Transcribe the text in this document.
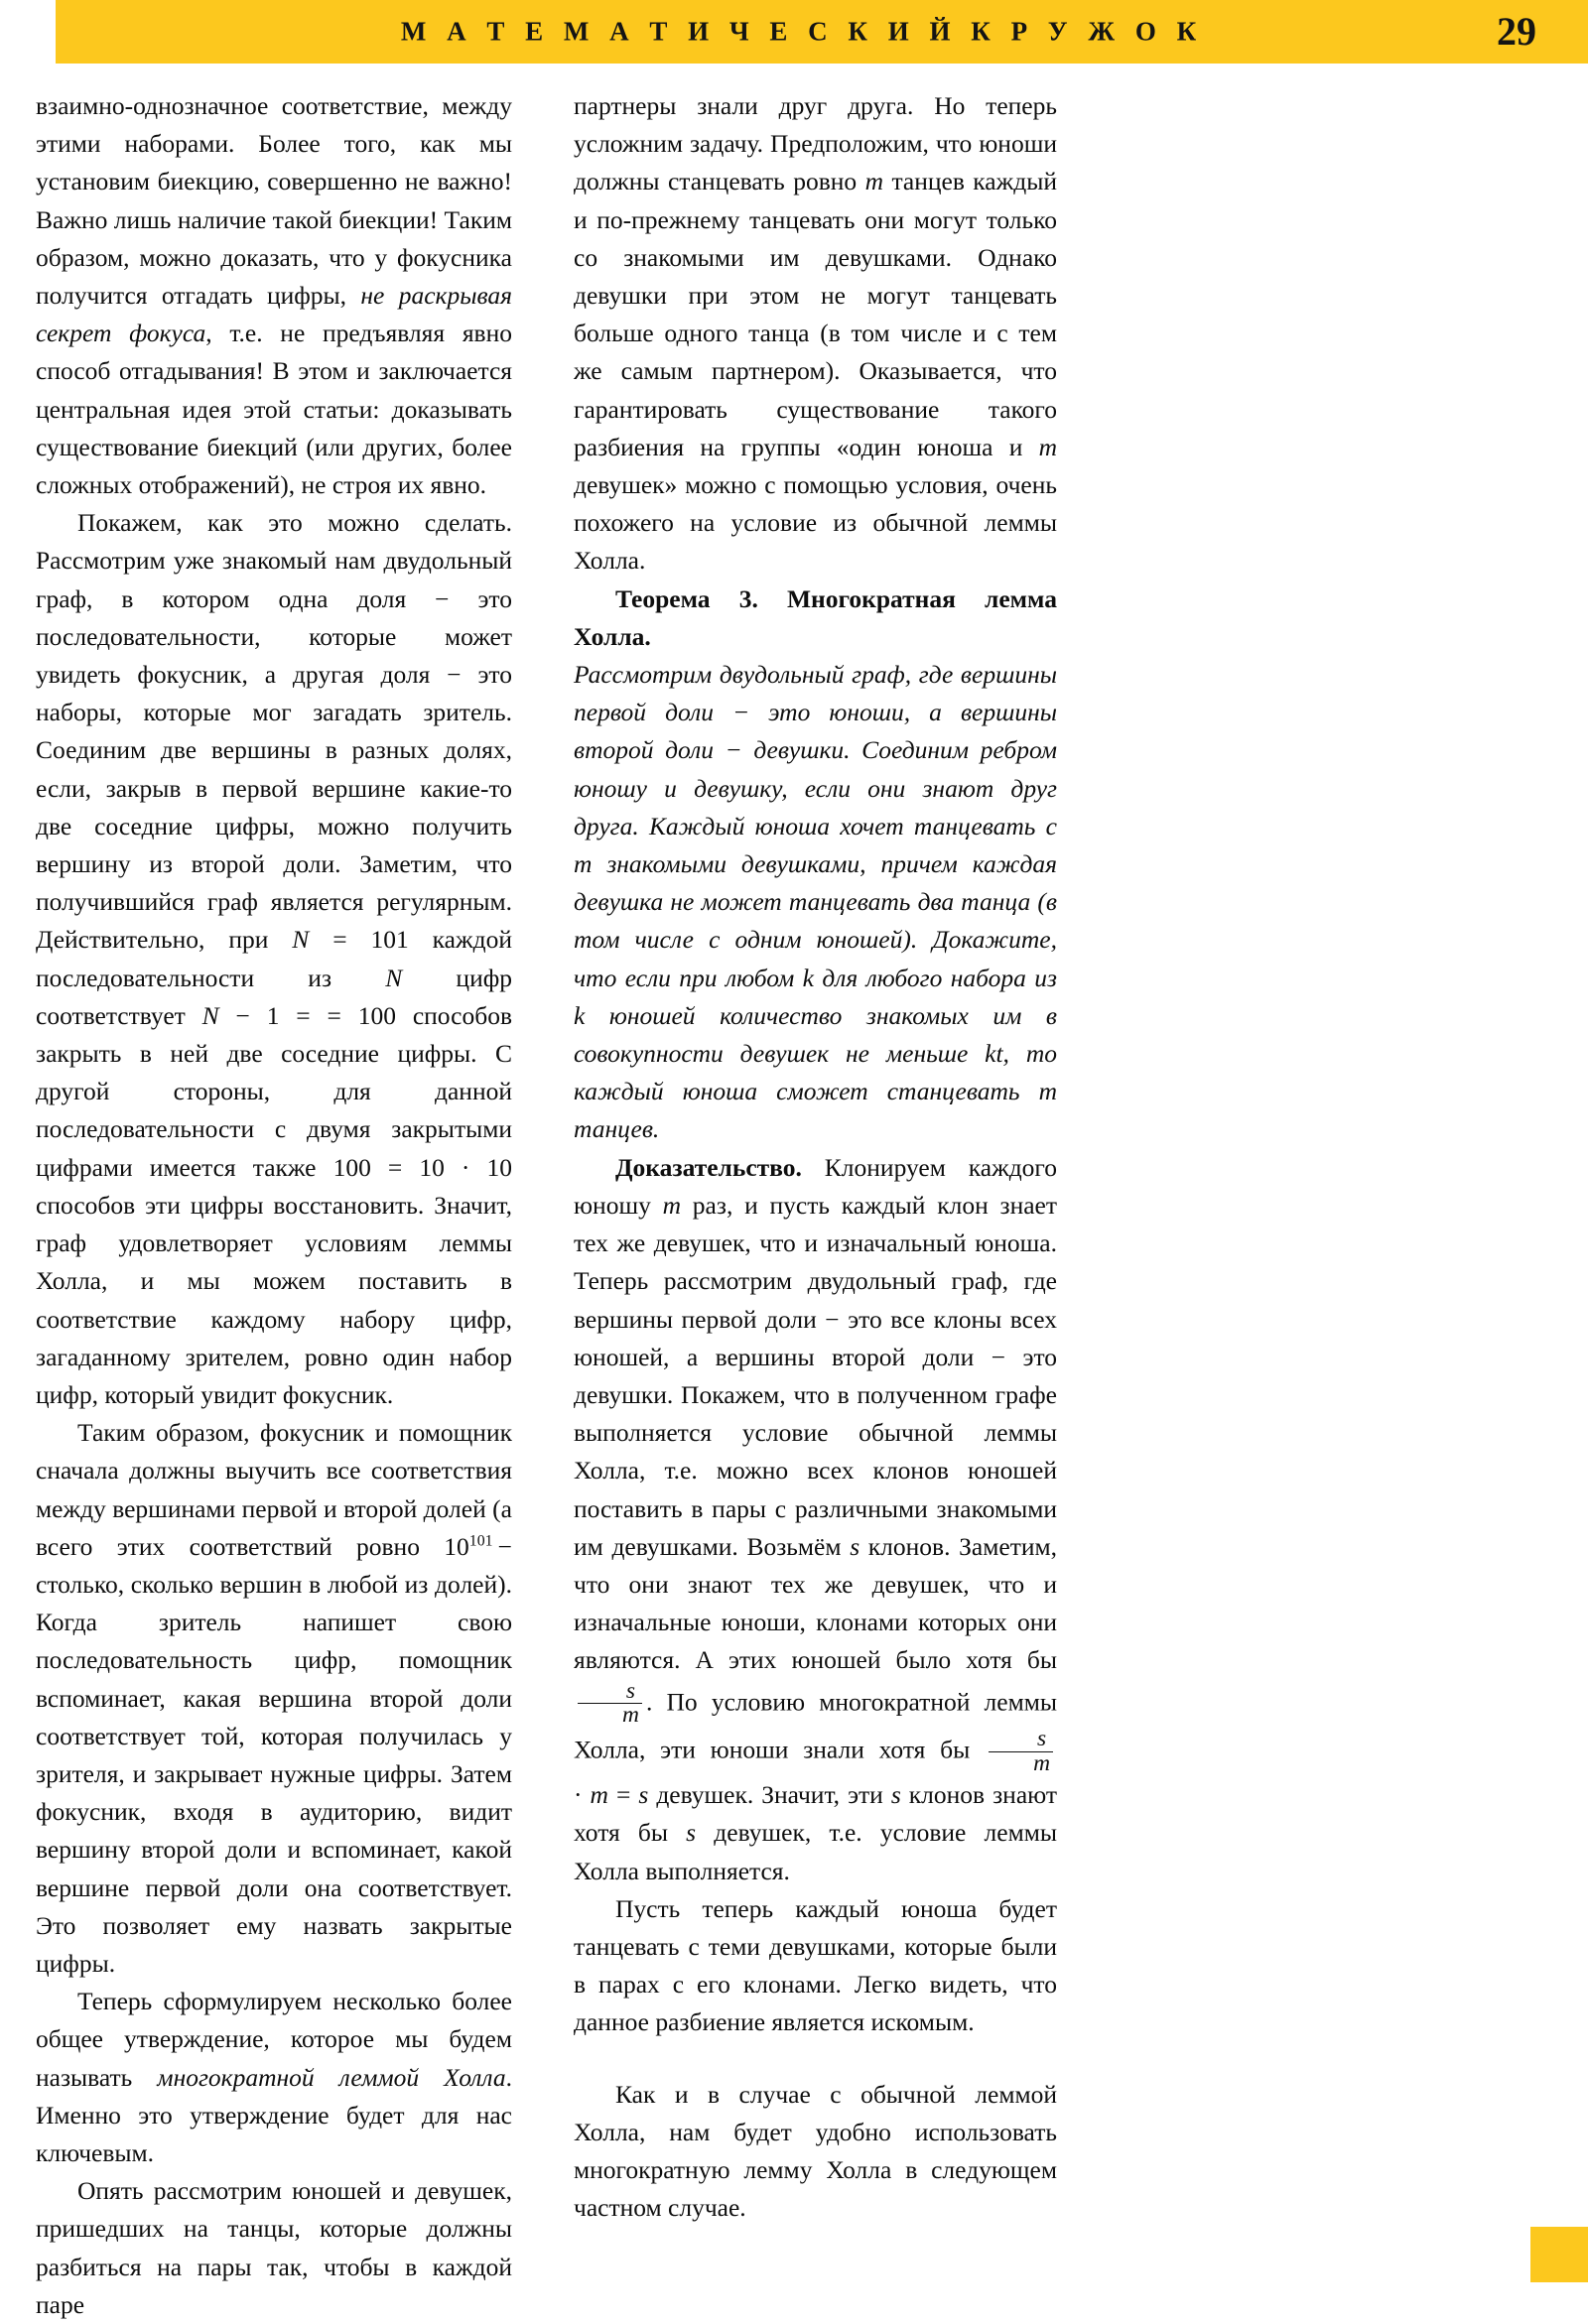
М А Т Е М А Т И Ч Е С К И Й К Р У Ж О К	29

взаимно-однозначное соответствие, между этими наборами. Более того, как мы установим биекцию, совершенно не важно! Важно лишь наличие такой биекции! Таким образом, можно доказать, что у фокусника получится отгадать цифры, не раскрывая секрет фокуса, т.е. не предъявляя явно способ отгадывания! В этом и заключается центральная идея этой статьи: доказывать существование биекций (или других, более сложных отображений), не строя их явно.

Покажем, как это можно сделать. Рассмотрим уже знакомый нам двудольный граф, в котором одна доля − это последовательности, которые может увидеть фокусник, а другая доля − это наборы, которые мог загадать зритель. Соединим две вершины в разных долях, если, закрыв в первой вершине какие-то две соседние цифры, можно получить вершину из второй доли. Заметим, что получившийся граф является регулярным. Действительно, при N = 101 каждой последовательности из N цифр соответствует N − 1 = = 100 способов закрыть в ней две соседние цифры. С другой стороны, для данной последовательности с двумя закрытыми цифрами имеется также 100 = 10 · 10 способов эти цифры восстановить. Значит, граф удовлетворяет условиям леммы Холла, и мы можем поставить в соответствие каждому набору цифр, загаданному зрителем, ровно один набор цифр, который увидит фокусник.

Таким образом, фокусник и помощник сначала должны выучить все соответствия между вершинами первой и второй долей (а всего этих соответствий ровно $10^{101}$ − столько, сколько вершин в любой из долей). Когда зритель напишет свою последовательность цифр, помощник вспоминает, какая вершина второй доли соответствует той, которая получилась у зрителя, и закрывает нужные цифры. Затем фокусник, входя в аудиторию, видит вершину второй доли и вспоминает, какой вершине первой доли она соответствует. Это позволяет ему назвать закрытые цифры.

Теперь сформулируем несколько более общее утверждение, которое мы будем называть многократной леммой Холла. Именно это утверждение будет для нас ключевым.

Опять рассмотрим юношей и девушек, пришедших на танцы, которые должны разбиться на пары так, чтобы в каждой паре

партнеры знали друг друга. Но теперь усложним задачу. Предположим, что юноши должны станцевать ровно m танцев каждый и по-прежнему танцевать они могут только со знакомыми им девушками. Однако девушки при этом не могут танцевать больше одного танца (в том числе и с тем же самым партнером). Оказывается, что гарантировать существование такого разбиения на группы «один юноша и m девушек» можно с помощью условия, очень похожего на условие из обычной леммы Холла.

Теорема 3. Многократная лемма Холла.
Рассмотрим двудольный граф, где вершины первой доли − это юноши, а вершины второй доли − девушки. Соединим ребром юношу и девушку, если они знают друг друга. Каждый юноша хочет танцевать с m знакомыми девушками, причем каждая девушка не может танцевать два танца (в том числе с одним юношей). Докажите, что если при любом k для любого набора из k юношей количество знакомых им в совокупности девушек не меньше kt, то каждый юноша сможет станцевать m танцев.

Доказательство. Клонируем каждого юношу m раз, и пусть каждый клон знает тех же девушек, что и изначальный юноша. Теперь рассмотрим двудольный граф, где вершины первой доли − это все клоны всех юношей, а вершины второй доли − это девушки. Покажем, что в полученном графе выполняется условие обычной леммы Холла, т.е. можно всех клонов юношей поставить в пары с различными знакомыми им девушками. Возьмём s клонов. Заметим, что они знают тех же девушек, что и изначальные юноши, клонами которых они являются. А этих юношей было хотя бы
$\frac{s}{m}$ . По условию многократной леммы Холла, эти юноши знали хотя бы $\frac{s}{m}$
· m = s девушек. Значит, эти s клонов знают хотя бы s девушек, т.е. условие леммы Холла выполняется.

Пусть теперь каждый юноша будет танцевать с теми девушками, которые были в парах с его клонами. Легко видеть, что данное разбиение является искомым.

Как и в случае с обычной леммой Холла, нам будет удобно использовать многократную лемму Холла в следующем частном случае.
